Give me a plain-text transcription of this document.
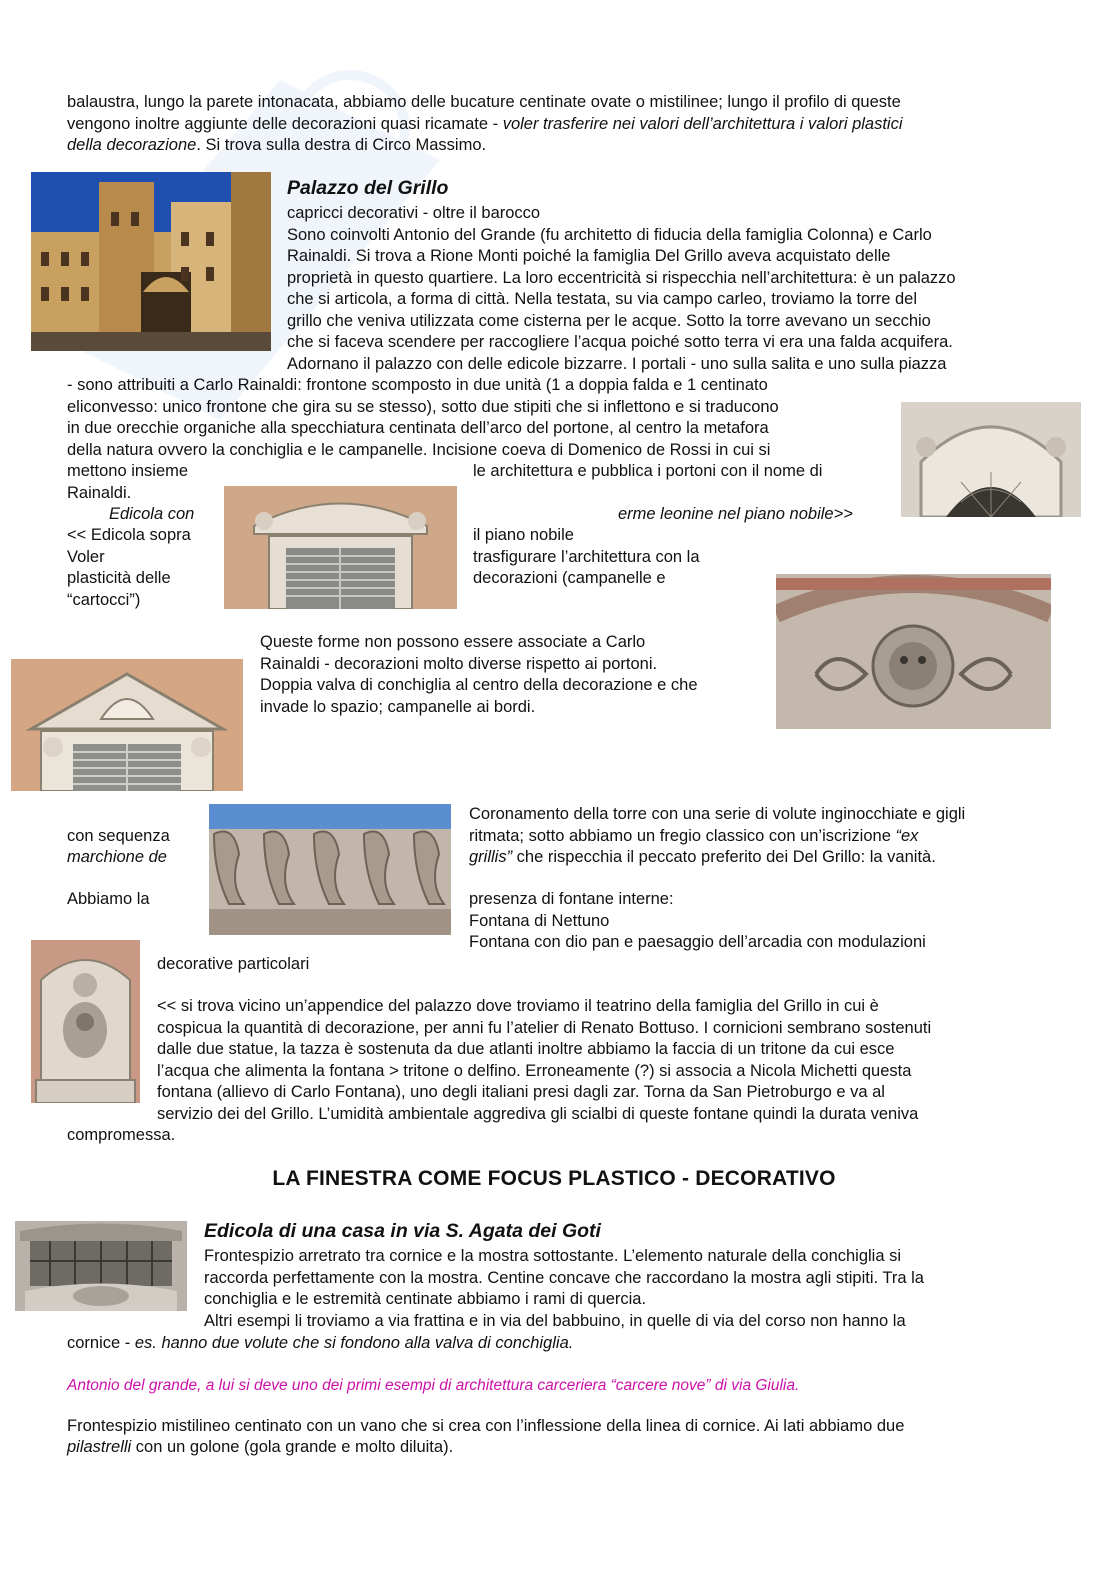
balaustra, lungo la parete intonacata, abbiamo delle bucature centinate ovate o mistilinee; lungo il profilo di queste
vengono inoltre aggiunte delle decorazioni quasi ricamate - voler trasferire nei valori dell’architettura i valori plastici
della decorazione. Si trova sulla destra di Circo Massimo.

Palazzo del Grillo

capricci decorativi - oltre il barocco
Sono coinvolti Antonio del Grande (fu architetto di fiducia della famiglia Colonna) e Carlo
Rainaldi. Si trova a Rione Monti poiché la famiglia Del Grillo aveva acquistato delle
proprietà in questo quartiere. La loro eccentricità si rispecchia nell’architettura: è un palazzo
che si articola, a forma di città. Nella testata, su via campo carleo, troviamo la torre del
grillo che veniva utilizzata come cisterna per le acque. Sotto la torre avevano un secchio
che si faceva scendere per raccogliere l’acqua poiché sotto terra vi era una falda acquifera.
Adornano il palazzo con delle edicole bizzarre. I portali - uno sulla salita e uno sulla piazza

- sono attribuiti a Carlo Rainaldi: frontone scomposto in due unità (1 a doppia falda e 1 centinato
eliconvesso: unico frontone che gira su se stesso), sotto due stipiti che si inflettono e si traducono
in due orecchie organiche alla specchiatura centinata dell’arco del portone, al centro la metafora
della natura ovvero la conchiglia e le campanelle. Incisione coeva di Domenico de Rossi in cui si

mettono insieme	le architettura e pubblica i portoni con il nome di
Rainaldi.
Edicola con	erme leonine nel piano nobile>>

<< Edicola sopra
Voler
plasticità delle
“cartocci”)

il piano nobile
trasfigurare l’architettura con la
decorazioni (campanelle e

Queste forme non possono essere associate a Carlo
Rainaldi - decorazioni molto diverse rispetto ai portoni.
Doppia valva di conchiglia al centro della decorazione e che
invade lo spazio; campanelle ai bordi.

Coronamento della torre con una serie di volute inginocchiate e gigli
con sequenza	ritmata; sotto abbiamo un fregio classico con un’iscrizione “ex
marchione de	grillis” che rispecchia il peccato preferito dei Del Grillo: la vanità.
Abbiamo la	presenza di fontane interne:
Fontana di Nettuno
Fontana con dio pan e paesaggio dell’arcadia con modulazioni
decorative particolari

<< si trova vicino un’appendice del palazzo dove troviamo il teatrino della famiglia del Grillo in cui è
cospicua la quantità di decorazione, per anni fu l’atelier di Renato Bottuso. I cornicioni sembrano sostenuti
dalle due statue, la tazza è sostenuta da due atlanti inoltre abbiamo la faccia di un tritone da cui esce
l’acqua che alimenta la fontana > tritone o delfino. Erroneamente (?) si associa a Nicola Michetti questa
fontana (allievo di Carlo Fontana), uno degli italiani presi dagli zar. Torna da San Pietroburgo e va al
servizio dei del Grillo. L’umidità ambientale aggrediva gli scialbi di queste fontane quindi la durata veniva

compromessa.
LA FINESTRA COME FOCUS PLASTICO - DECORATIVO
Edicola di una casa in via S. Agata dei Goti

Frontespizio arretrato tra cornice e la mostra sottostante. L’elemento naturale della conchiglia si
raccorda perfettamente con la mostra. Centine concave che raccordano la mostra agli stipiti. Tra la
conchiglia e le estremità centinate abbiamo i rami di quercia.
Altri esempi li troviamo a via frattina e in via del babbuino, in quelle di via del corso non hanno la

cornice - es. hanno due volute che si fondono alla valva di conchiglia.
Antonio del grande, a lui si deve uno dei primi esempi di architettura carceriera “carcere nove” di via Giulia.
Frontespizio mistilineo centinato con un vano che si crea con l’inflessione della linea di cornice. Ai lati abbiamo due
pilastrelli con un golone (gola grande e molto diluita).
